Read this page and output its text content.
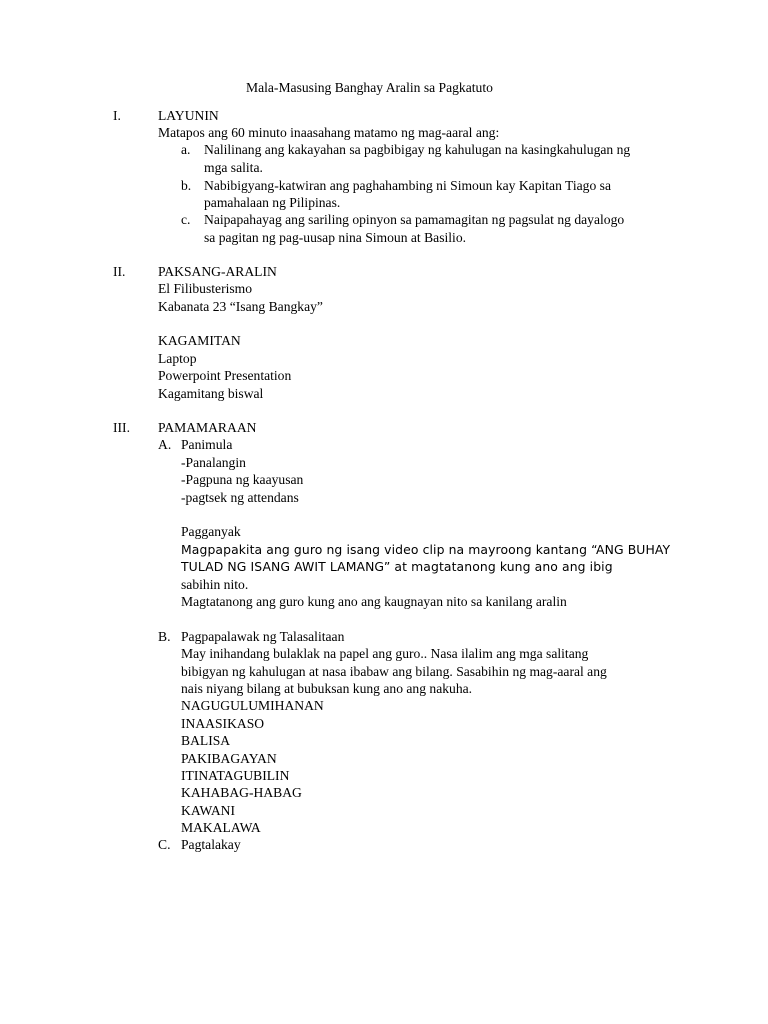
Mala-Masusing Banghay Aralin sa Pagkatuto
I.	LAYUNIN
Matapos ang 60 minuto inaasahang matamo ng mag-aaral ang:
a. Nalilinang ang kakayahan sa pagbibigay ng kahulugan na kasingkahulugan ng
mga salita.
b. Nabibigyang-katwiran ang paghahambing ni Simoun kay Kapitan Tiago sa
pamahalaan ng Pilipinas.
c. Naipapahayag ang sariling opinyon sa pamamagitan ng pagsulat ng dayalogo
sa pagitan ng pag-uusap nina Simoun at Basilio.
II. PAKSANG-ARALIN
El Filibusterismo
Kabanata 23 “Isang Bangkay”
KAGAMITAN
Laptop
Powerpoint Presentation
Kagamitang biswal
III. PAMAMARAAN
A. Panimula
-Panalangin
-Pagpuna ng kaayusan
-pagtsek ng attendans
Pagganyak
Magpapakita ang guro ng isang video clip na mayroong kantang “ANG BUHAY
TULAD NG ISANG AWIT LAMANG” at magtatanong kung ano ang ibig
sabihin nito.
Magtatanong ang guro kung ano ang kaugnayan nito sa kanilang aralin
B. Pagpapalawak ng Talasalitaan
May inihandang bulaklak na papel ang guro.. Nasa ilalim ang mga salitang
bibigyan ng kahulugan at nasa ibabaw ang bilang. Sasabihin ng mag-aaral ang
nais niyang bilang at bubuksan kung ano ang nakuha.
NAGUGULUMIHANAN
INAASIKASO
BALISA
PAKIBAGAYAN
ITINATAGUBILIN
KAHABAG-HABAG
KAWANI
MAKALAWA
C. Pagtalakay
